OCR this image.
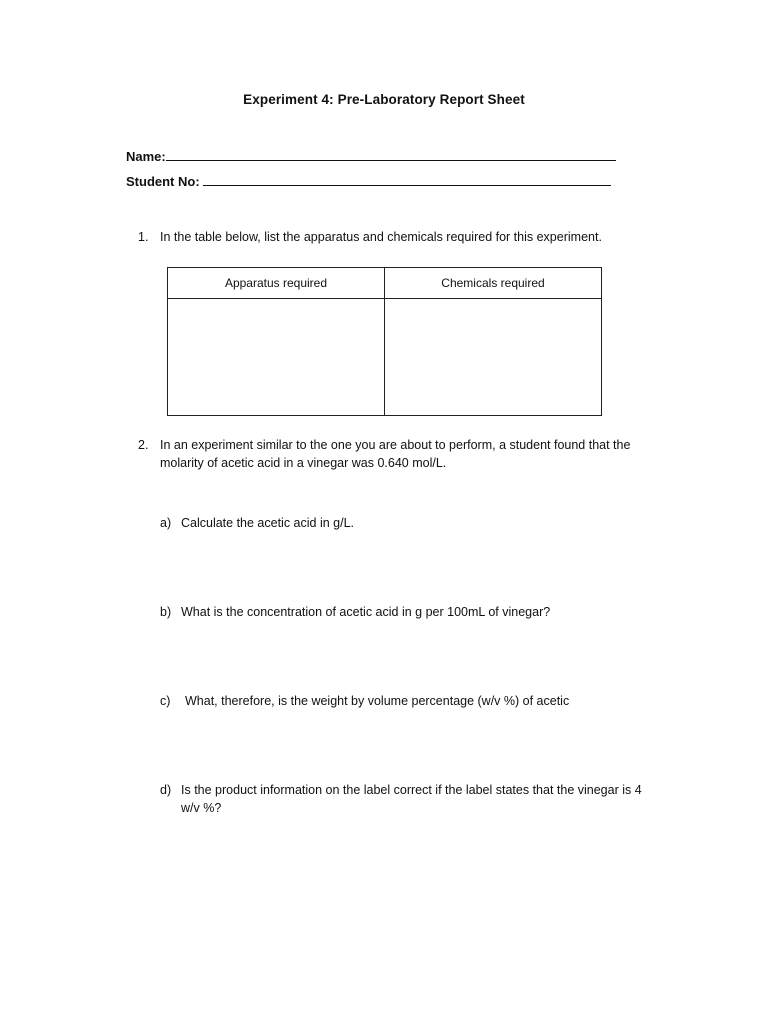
Experiment 4: Pre-Laboratory Report Sheet
Name:
Student No:
1. In the table below, list the apparatus and chemicals required for this experiment.
Apparatus required	Chemicals required

2. In an experiment similar to the one you are about to perform, a student found that the molarity of acetic acid in a vinegar was 0.640 mol/L.
a) Calculate the acetic acid in g/L.
b) What is the concentration of acetic acid in g per 100mL of vinegar?
c) What, therefore, is the weight by volume percentage (w/v %) of acetic
d) Is the product information on the label correct if the label states that the vinegar is 4 w/v %?
